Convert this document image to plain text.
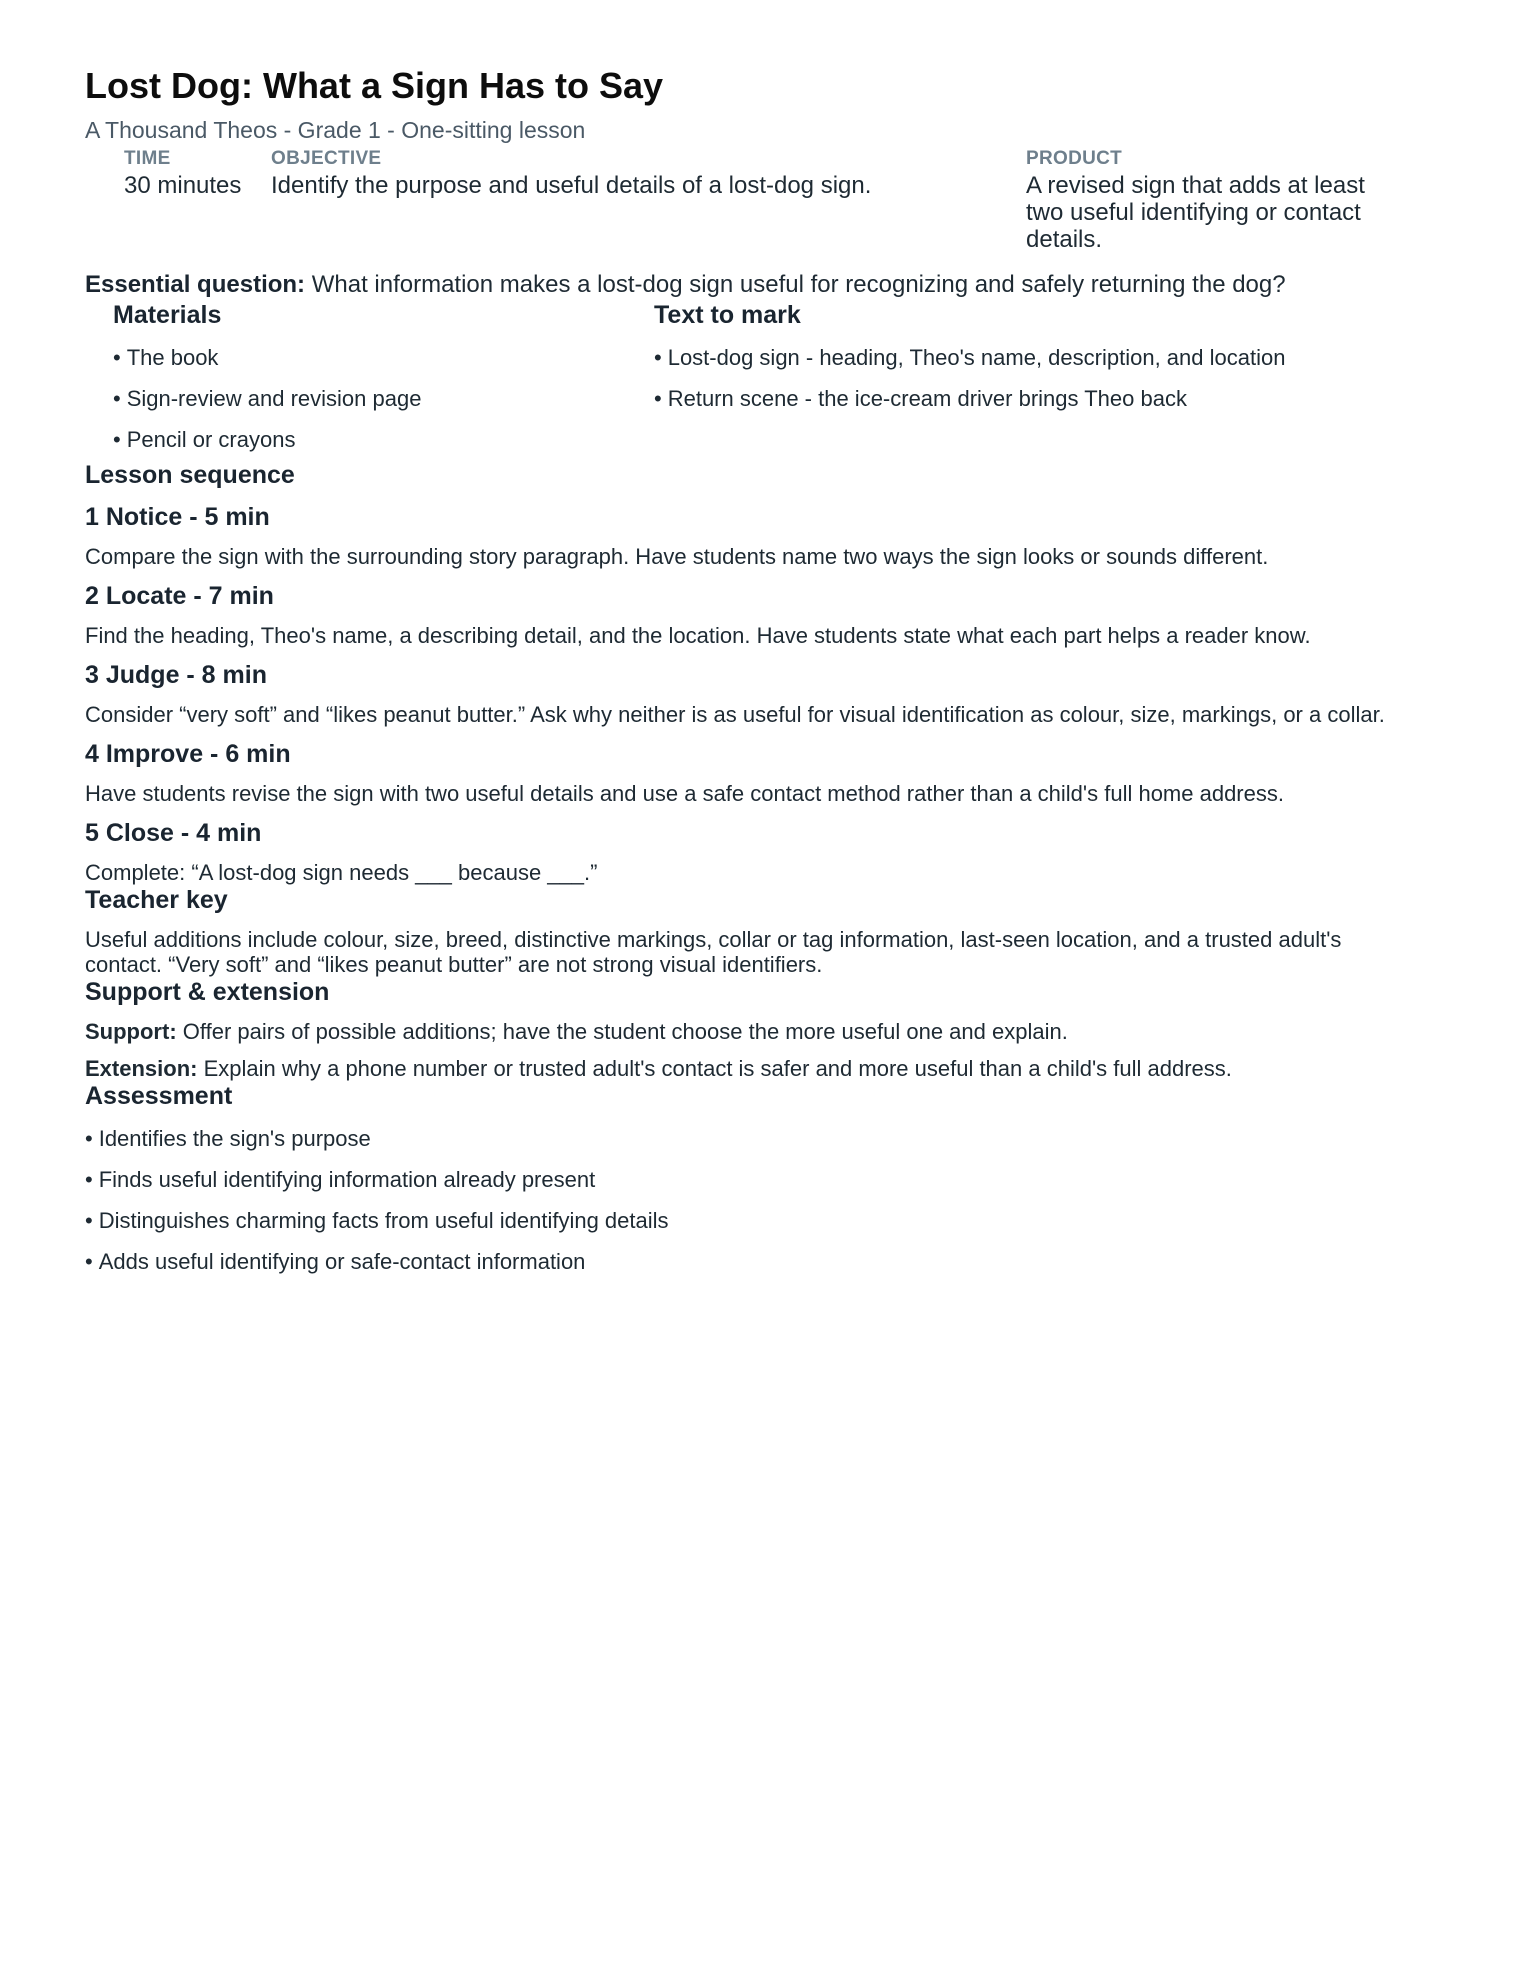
Lost Dog: What a Sign Has to Say
A Thousand Theos - Grade 1 - One-sitting lesson
TIME
30 minutes
OBJECTIVE
Identify the purpose and useful details of a lost-dog sign.
PRODUCT
A revised sign that adds at least two useful identifying or contact details.
Essential question: What information makes a lost-dog sign useful for recognizing and safely returning the dog?
Materials
• The book
• Sign-review and revision page
• Pencil or crayons
Text to mark
• Lost-dog sign - heading, Theo's name, description, and location
• Return scene - the ice-cream driver brings Theo back
Lesson sequence
1 Notice - 5 min
Compare the sign with the surrounding story paragraph. Have students name two ways the sign looks or sounds different.
2 Locate - 7 min
Find the heading, Theo's name, a describing detail, and the location. Have students state what each part helps a reader know.
3 Judge - 8 min
Consider “very soft” and “likes peanut butter.” Ask why neither is as useful for visual identification as colour, size, markings, or a collar.
4 Improve - 6 min
Have students revise the sign with two useful details and use a safe contact method rather than a child's full home address.
5 Close - 4 min
Complete: “A lost-dog sign needs ___ because ___.”
Teacher key
Useful additions include colour, size, breed, distinctive markings, collar or tag information, last-seen location, and a trusted adult's contact. “Very soft” and “likes peanut butter” are not strong visual identifiers.
Support & extension
Support: Offer pairs of possible additions; have the student choose the more useful one and explain.
Extension: Explain why a phone number or trusted adult's contact is safer and more useful than a child's full address.
Assessment
• Identifies the sign's purpose
• Finds useful identifying information already present
• Distinguishes charming facts from useful identifying details
• Adds useful identifying or safe-contact information
